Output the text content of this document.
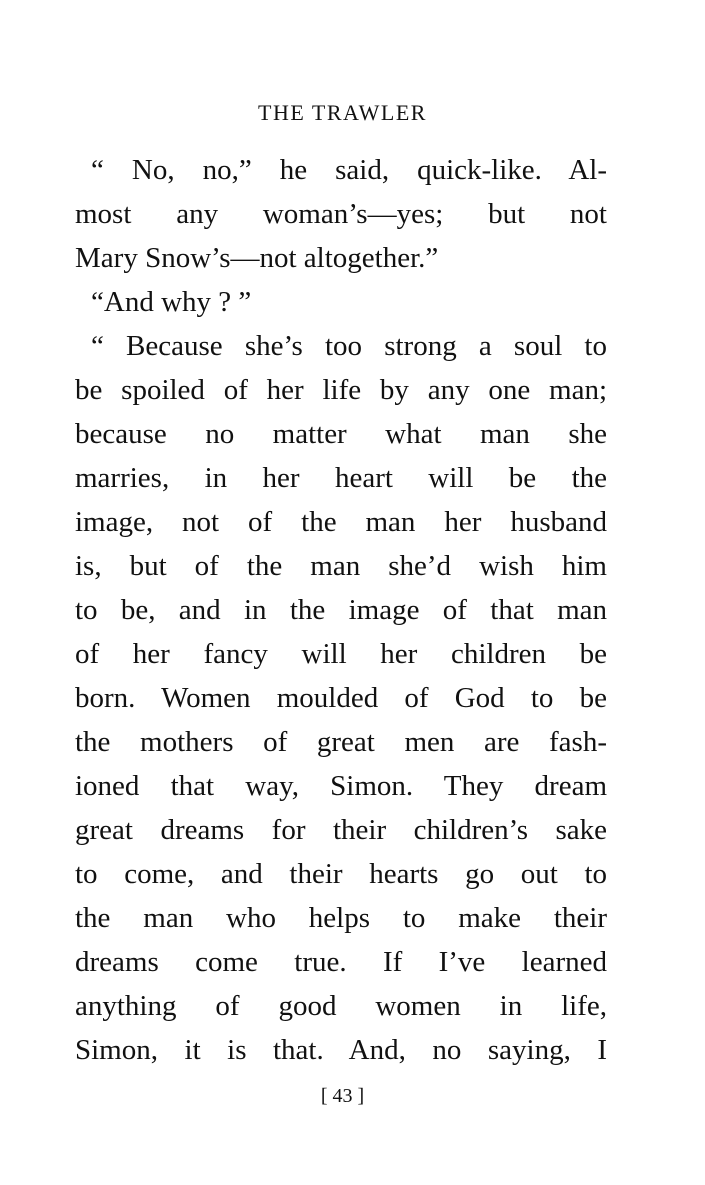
THE TRAWLER
“ No, no,” he said, quick-like. Al-
most any woman’s—yes; but not
Mary Snow’s—not altogether.”
“And why ? ”
“ Because she’s too strong a soul to
be spoiled of her life by any one man;
because no matter what man she
marries, in her heart will be the
image, not of the man her husband
is, but of the man she’d wish him
to be, and in the image of that man
of her fancy will her children be
born. Women moulded of God to be
the mothers of great men are fash-
ioned that way, Simon. They dream
great dreams for their children’s sake
to come, and their hearts go out to
the man who helps to make their
dreams come true. If I’ve learned
anything of good women in life,
Simon, it is that. And, no saying, I
[ 43 ]
